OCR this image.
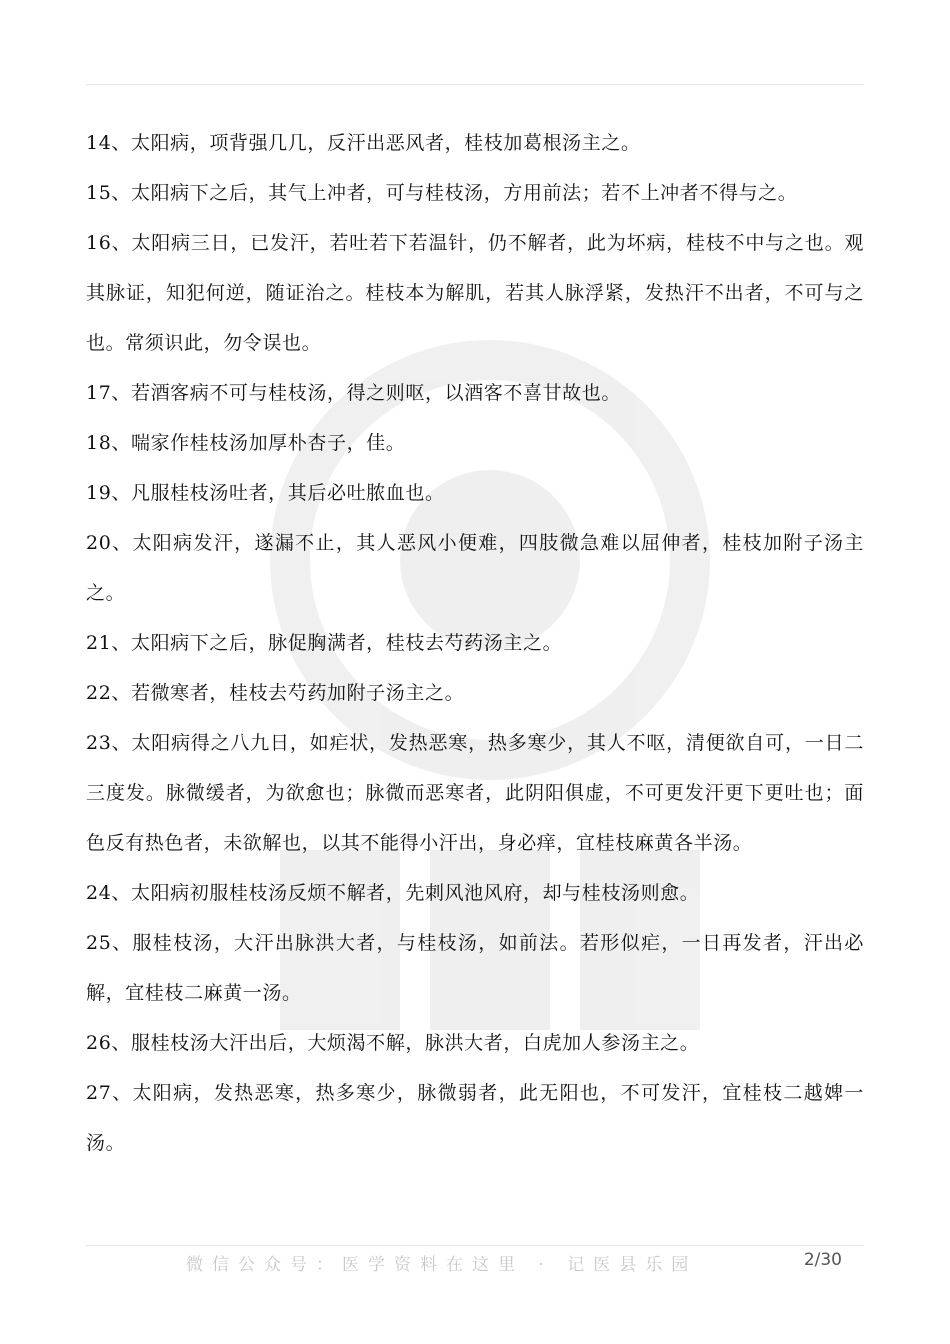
14、太阳病，项背强几几，反汗出恶风者，桂枝加葛根汤主之。

15、太阳病下之后，其气上冲者，可与桂枝汤，方用前法；若不上冲者不得与之。

16、太阳病三日，已发汗，若吐若下若温针，仍不解者，此为坏病，桂枝不中与之也。观其脉证，知犯何逆，随证治之。桂枝本为解肌，若其人脉浮紧，发热汗不出者，不可与之也。常须识此，勿令误也。

17、若酒客病不可与桂枝汤，得之则呕，以酒客不喜甘故也。

18、喘家作桂枝汤加厚朴杏子，佳。

19、凡服桂枝汤吐者，其后必吐脓血也。

20、太阳病发汗，遂漏不止，其人恶风小便难，四肢微急难以屈伸者，桂枝加附子汤主之。

21、太阳病下之后，脉促胸满者，桂枝去芍药汤主之。

22、若微寒者，桂枝去芍药加附子汤主之。

23、太阳病得之八九日，如疟状，发热恶寒，热多寒少，其人不呕，清便欲自可，一日二三度发。脉微缓者，为欲愈也；脉微而恶寒者，此阴阳俱虚，不可更发汗更下更吐也；面色反有热色者，未欲解也，以其不能得小汗出，身必痒，宜桂枝麻黄各半汤。

24、太阳病初服桂枝汤反烦不解者，先刺风池风府，却与桂枝汤则愈。

25、服桂枝汤，大汗出脉洪大者，与桂枝汤，如前法。若形似疟，一日再发者，汗出必解，宜桂枝二麻黄一汤。

26、服桂枝汤大汗出后，大烦渴不解，脉洪大者，白虎加人参汤主之。

27、太阳病，发热恶寒，热多寒少，脉微弱者，此无阳也，不可发汗，宜桂枝二越婢一汤。

微信公众号：医学资料在这里 · 记医县乐园	2/30
